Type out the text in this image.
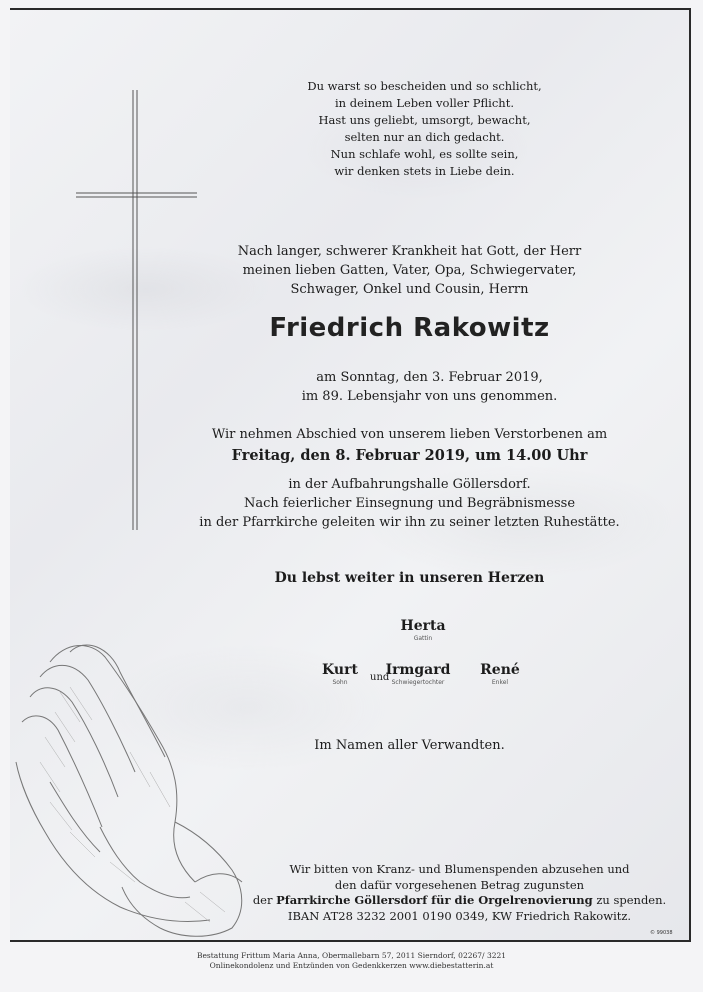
Du warst so bescheiden und so schlicht,
in deinem Leben voller Pflicht.
Hast uns geliebt, umsorgt, bewacht,
selten nur an dich gedacht.
Nun schlafe wohl, es sollte sein,
wir denken stets in Liebe dein.
Nach langer, schwerer Krankheit hat Gott, der Herr
meinen lieben Gatten, Vater, Opa, Schwiegervater,
Schwager, Onkel und Cousin, Herrn
Friedrich Rakowitz
am Sonntag, den 3. Februar 2019,
im 89. Lebensjahr von uns genommen.
Wir nehmen Abschied von unserem lieben Verstorbenen am
Freitag, den 8. Februar 2019, um 14.00 Uhr
in der Aufbahrungshalle Göllersdorf.
Nach feierlicher Einsegnung und Begräbnismesse
in der Pfarrkirche geleiten wir ihn zu seiner letzten Ruhestätte.
Du lebst weiter in unseren Herzen
Herta
Gattin
Kurt
Sohn	und
Irmgard
Schwiegertochter
René
Enkel
Im Namen aller Verwandten.
Wir bitten von Kranz- und Blumenspenden abzusehen und
den dafür vorgesehenen Betrag zugunsten
der Pfarrkirche Göllersdorf für die Orgelrenovierung zu spenden.
IBAN AT28 3232 2001 0190 0349, KW Friedrich Rakowitz.
© 99038
Bestattung Frittum Maria Anna, Obermallebarn 57, 2011 Sierndorf, 02267/ 3221
Onlinekondolenz und Entzünden von Gedenkkerzen www.diebestatterin.at
